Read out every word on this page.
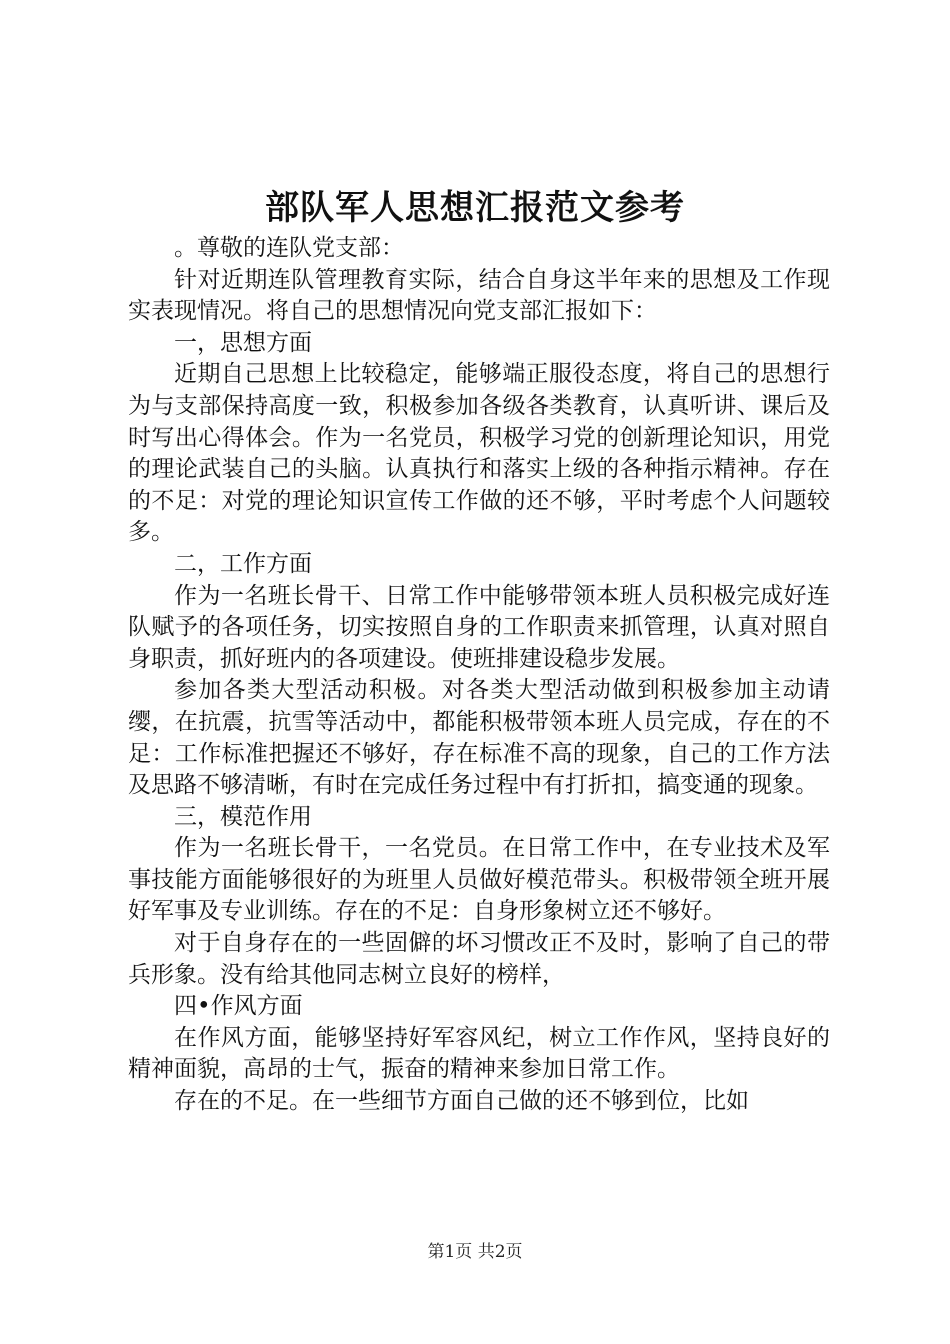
部队军人思想汇报范文参考

。尊敬的连队党支部：

针对近期连队管理教育实际，结合自身这半年来的思想及工作现实表现情况。将自己的思想情况向党支部汇报如下：

一，思想方面

近期自己思想上比较稳定，能够端正服役态度，将自己的思想行为与支部保持高度一致，积极参加各级各类教育，认真听讲、课后及时写出心得体会。作为一名党员，积极学习党的创新理论知识，用党的理论武装自己的头脑。认真执行和落实上级的各种指示精神。存在的不足：对党的理论知识宣传工作做的还不够，平时考虑个人问题较多。

二，工作方面

作为一名班长骨干、日常工作中能够带领本班人员积极完成好连队赋予的各项任务，切实按照自身的工作职责来抓管理，认真对照自身职责，抓好班内的各项建设。使班排建设稳步发展。

参加各类大型活动积极。对各类大型活动做到积极参加主动请缨，在抗震，抗雪等活动中，都能积极带领本班人员完成，存在的不足：工作标准把握还不够好，存在标准不高的现象，自己的工作方法及思路不够清晰，有时在完成任务过程中有打折扣，搞变通的现象。

三，模范作用

作为一名班长骨干，一名党员。在日常工作中，在专业技术及军事技能方面能够很好的为班里人员做好模范带头。积极带领全班开展好军事及专业训练。存在的不足：自身形象树立还不够好。

对于自身存在的一些固僻的坏习惯改正不及时，影响了自己的带兵形象。没有给其他同志树立良好的榜样，

四•作风方面

在作风方面，能够坚持好军容风纪，树立工作作风，坚持良好的精神面貌，高昂的士气，振奋的精神来参加日常工作。

存在的不足。在一些细节方面自己做的还不够到位，比如

第1页 共2页
